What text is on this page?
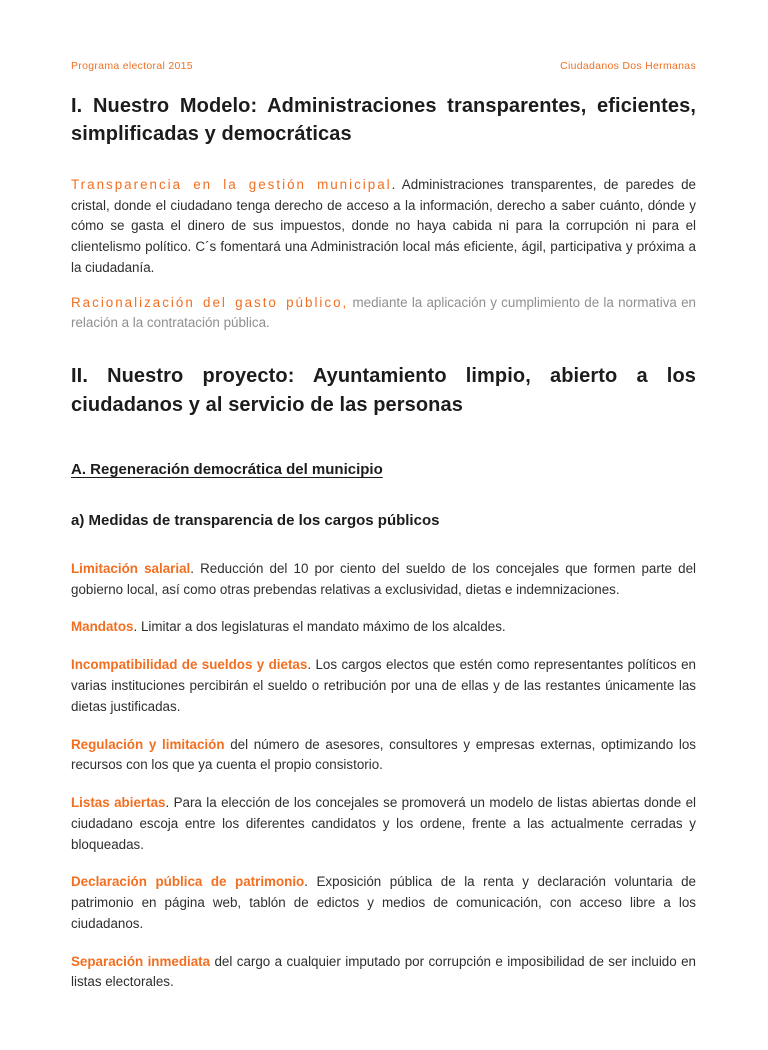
Programa electoral 2015	Ciudadanos Dos Hermanas
I. Nuestro Modelo: Administraciones transparentes, eficientes, simplificadas y democráticas

Transparencia en la gestión municipal. Administraciones transparentes, de paredes de cristal, donde el ciudadano tenga derecho de acceso a la información, derecho a saber cuánto, dónde y cómo se gasta el dinero de sus impuestos, donde no haya cabida ni para la corrupción ni para el clientelismo político. C´s fomentará una Administración local más eficiente, ágil, participativa y próxima a la ciudadanía.

Racionalización del gasto público, mediante la aplicación y cumplimiento de la normativa en relación a la contratación pública.

II. Nuestro proyecto: Ayuntamiento limpio, abierto a los ciudadanos y al servicio de las personas
A. Regeneración democrática del municipio
a) Medidas de transparencia de los cargos públicos

Limitación salarial. Reducción del 10 por ciento del sueldo de los concejales que formen parte del gobierno local, así como otras prebendas relativas a exclusividad, dietas e indemnizaciones.

Mandatos. Limitar a dos legislaturas el mandato máximo de los alcaldes.

Incompatibilidad de sueldos y dietas. Los cargos electos que estén como representantes políticos en varias instituciones percibirán el sueldo o retribución por una de ellas y de las restantes únicamente las dietas justificadas.

Regulación y limitación del número de asesores, consultores y empresas externas, optimizando los recursos con los que ya cuenta el propio consistorio.

Listas abiertas. Para la elección de los concejales se promoverá un modelo de listas abiertas donde el ciudadano escoja entre los diferentes candidatos y los ordene, frente a las actualmente cerradas y bloqueadas.

Declaración pública de patrimonio. Exposición pública de la renta y declaración voluntaria de patrimonio en página web, tablón de edictos y medios de comunicación, con acceso libre a los ciudadanos.

Separación inmediata del cargo a cualquier imputado por corrupción e imposibilidad de ser incluido en listas electorales.
